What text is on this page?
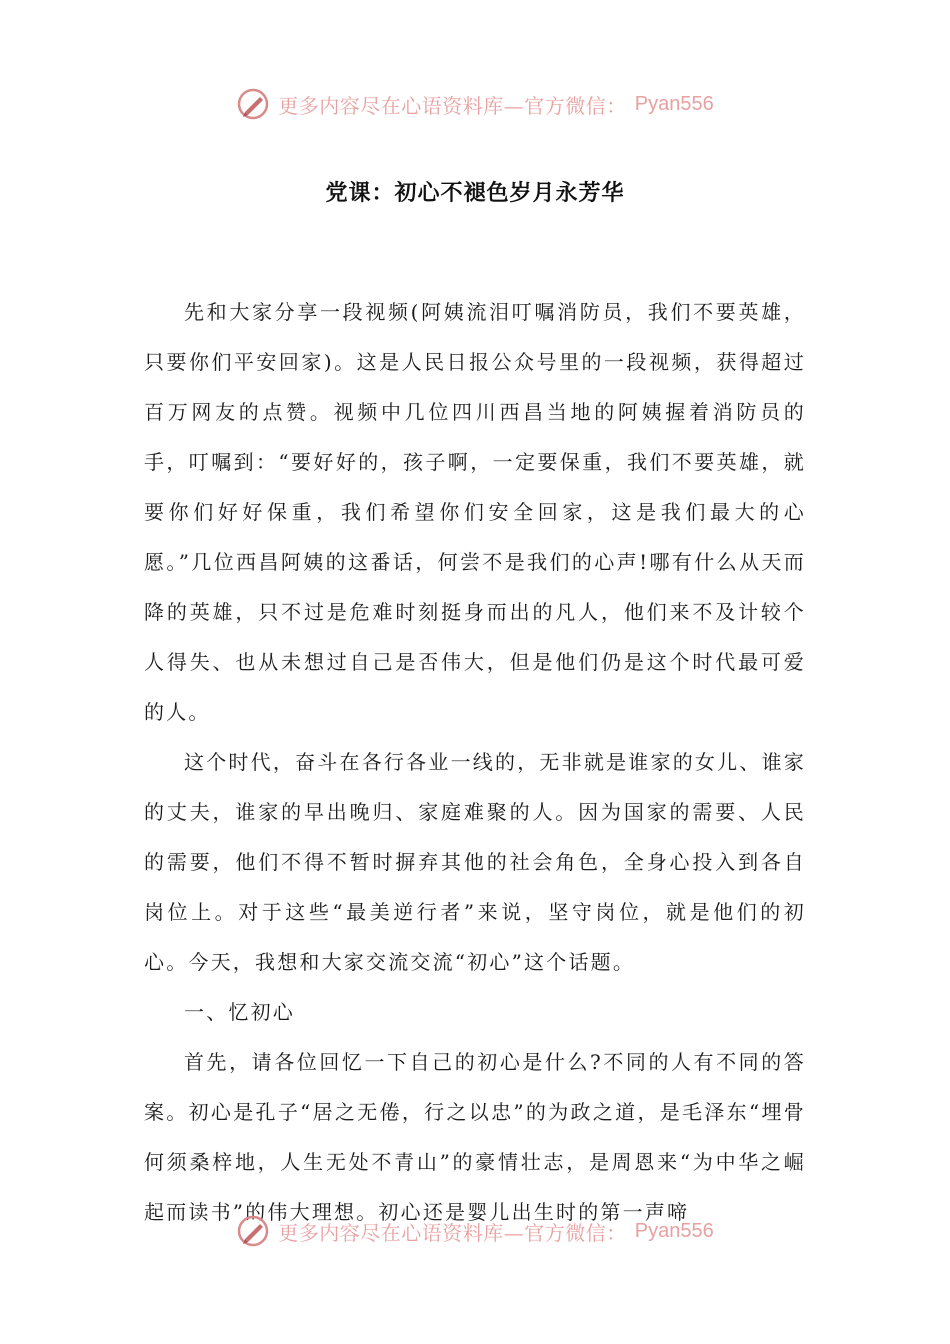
更多内容尽在心语资料库—官方微信： Pyan556
党课：初心不褪色岁月永芳华

先和大家分享一段视频(阿姨流泪叮嘱消防员，我们不要英雄，只要你们平安回家)。这是人民日报公众号里的一段视频，获得超过百万网友的点赞。视频中几位四川西昌当地的阿姨握着消防员的手，叮嘱到：“要好好的，孩子啊，一定要保重，我们不要英雄，就要你们好好保重，我们希望你们安全回家，这是我们最大的心愿。”几位西昌阿姨的这番话，何尝不是我们的心声!哪有什么从天而降的英雄，只不过是危难时刻挺身而出的凡人，他们来不及计较个人得失、也从未想过自己是否伟大，但是他们仍是这个时代最可爱的人。

这个时代，奋斗在各行各业一线的，无非就是谁家的女儿、谁家的丈夫，谁家的早出晚归、家庭难聚的人。因为国家的需要、人民的需要，他们不得不暂时摒弃其他的社会角色，全身心投入到各自岗位上。对于这些“最美逆行者”来说，坚守岗位，就是他们的初心。今天，我想和大家交流交流“初心”这个话题。

一、忆初心

首先，请各位回忆一下自己的初心是什么?不同的人有不同的答案。初心是孔子“居之无倦，行之以忠”的为政之道，是毛泽东“埋骨何须桑梓地，人生无处不青山”的豪情壮志，是周恩来“为中华之崛起而读书”的伟大理想。初心还是婴儿出生时的第一声啼

更多内容尽在心语资料库—官方微信： Pyan556
